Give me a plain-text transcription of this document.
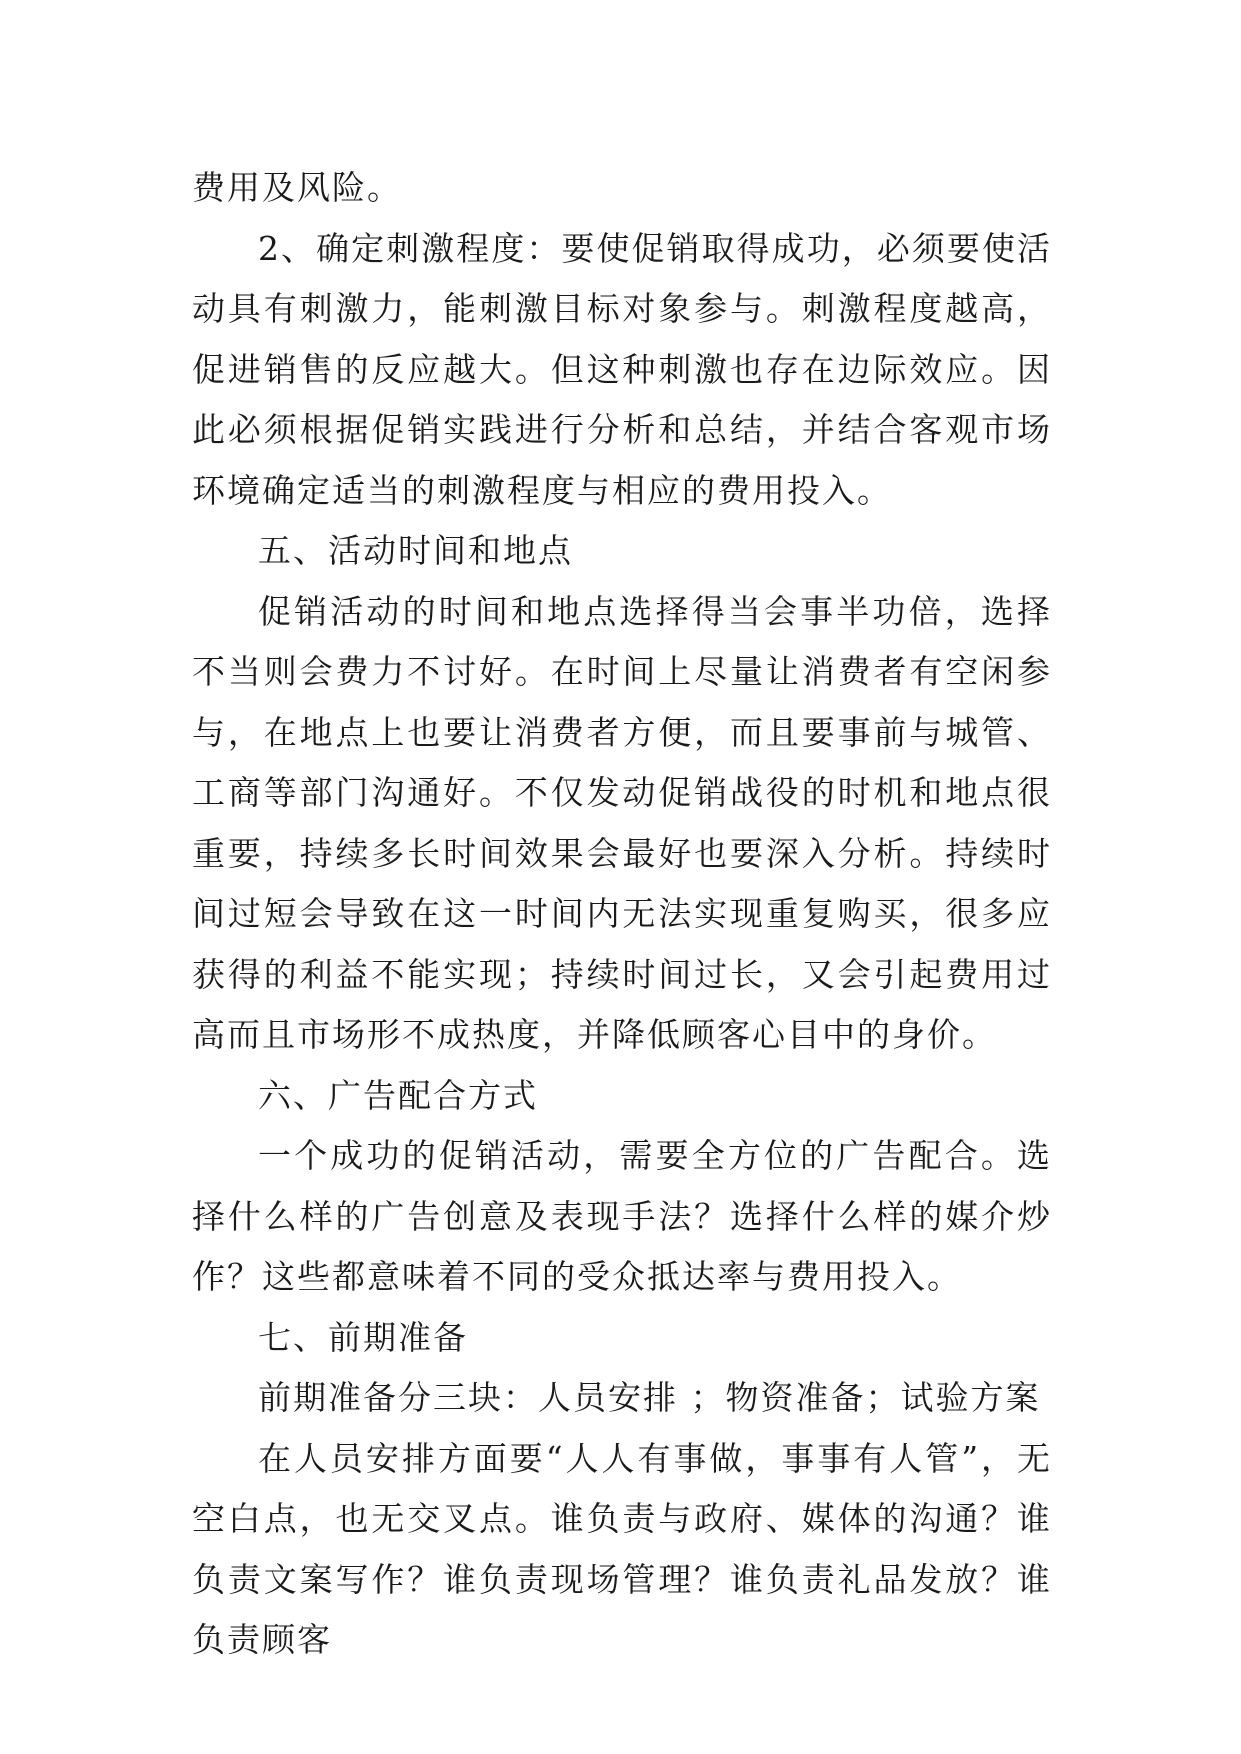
费用及风险。

2、确定刺激程度：要使促销取得成功，必须要使活动具有刺激力，能刺激目标对象参与。刺激程度越高，促进销售的反应越大。但这种刺激也存在边际效应。因此必须根据促销实践进行分析和总结，并结合客观市场环境确定适当的刺激程度与相应的费用投入。

五、活动时间和地点

促销活动的时间和地点选择得当会事半功倍，选择不当则会费力不讨好。在时间上尽量让消费者有空闲参与，在地点上也要让消费者方便，而且要事前与城管、工商等部门沟通好。不仅发动促销战役的时机和地点很重要，持续多长时间效果会最好也要深入分析。持续时间过短会导致在这一时间内无法实现重复购买，很多应获得的利益不能实现；持续时间过长，又会引起费用过高而且市场形不成热度，并降低顾客心目中的身价。

六、广告配合方式

一个成功的促销活动，需要全方位的广告配合。选择什么样的广告创意及表现手法？选择什么样的媒介炒作？这些都意味着不同的受众抵达率与费用投入。

七、前期准备

前期准备分三块：人员安排 ；物资准备；试验方案

在人员安排方面要“人人有事做，事事有人管”，无空白点，也无交叉点。谁负责与政府、媒体的沟通？谁负责文案写作？谁负责现场管理？谁负责礼品发放？谁负责顾客
